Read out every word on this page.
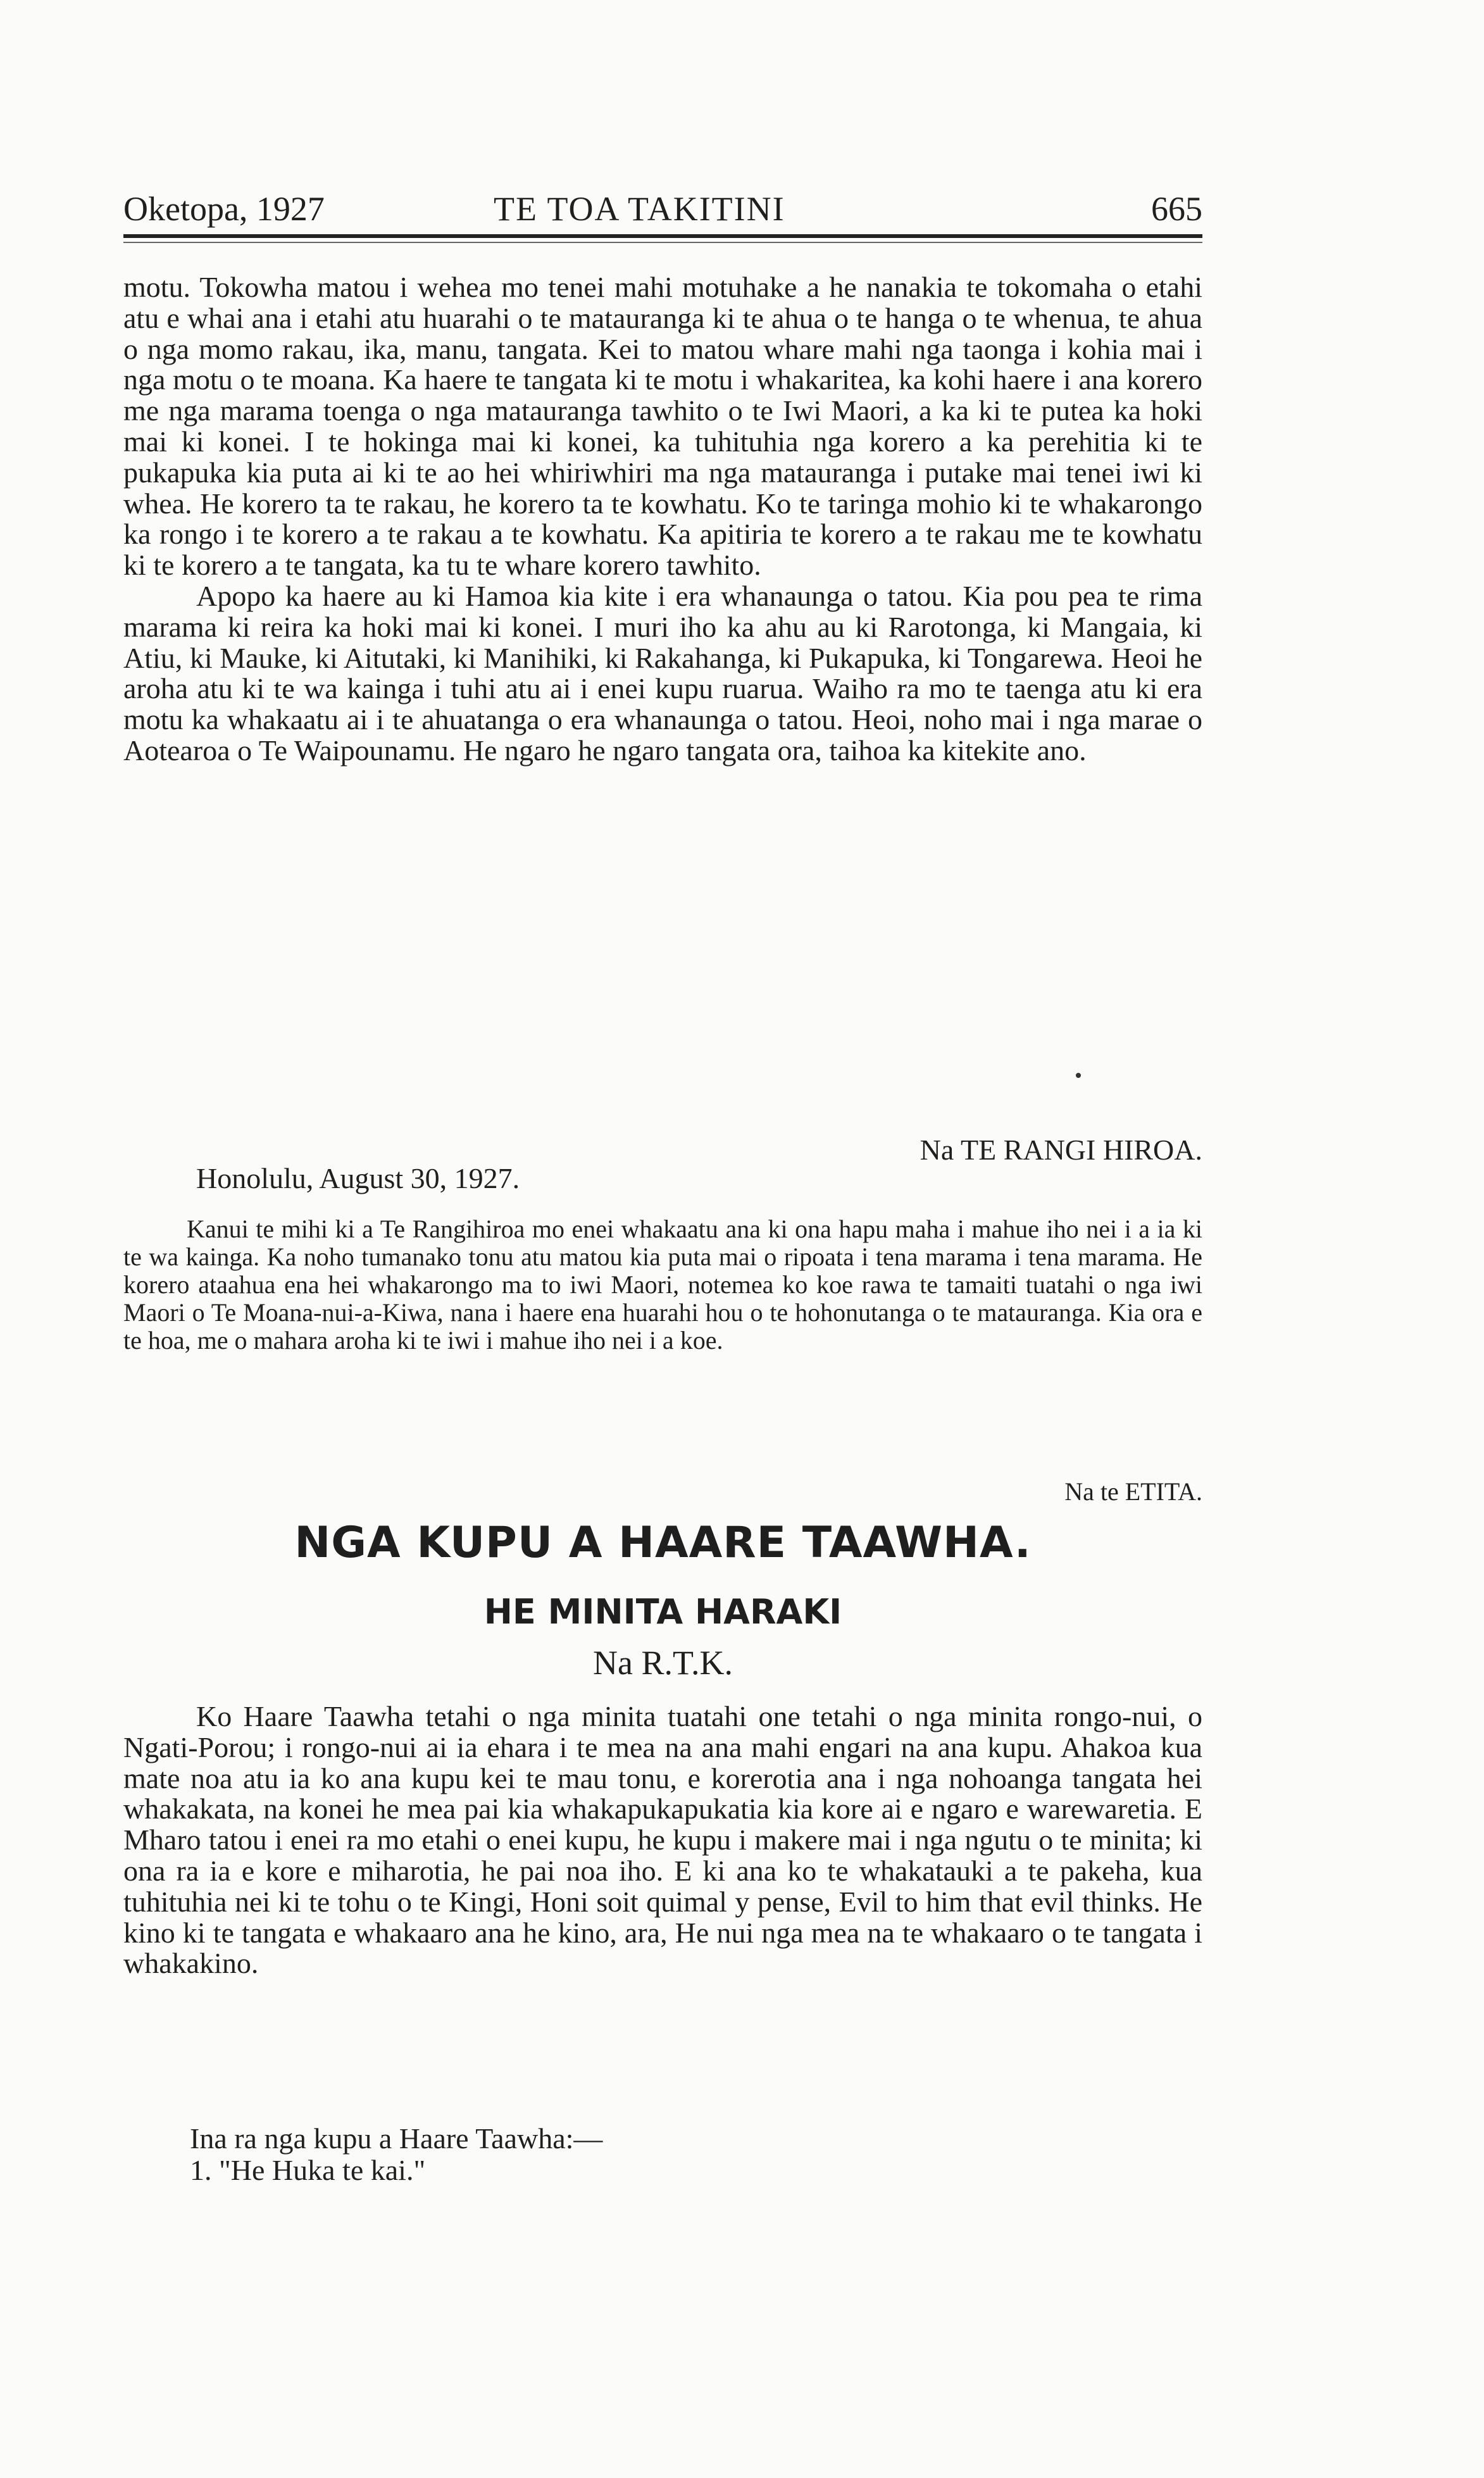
Oketopa, 1927	TE TOA TAKITINI	665

motu. Tokowha matou i wehea mo tenei mahi motuhake a he nanakia te tokomaha o etahi atu e whai ana i etahi atu huarahi o te matauranga ki te ahua o te hanga o te whenua, te ahua o nga momo rakau, ika, manu, tangata. Kei to matou whare mahi nga taonga i kohia mai i nga motu o te moana. Ka haere te tangata ki te motu i whakaritea, ka kohi haere i ana korero me nga marama toenga o nga matauranga tawhito o te Iwi Maori, a ka ki te putea ka hoki mai ki konei. I te hokinga mai ki konei, ka tuhituhia nga korero a ka perehitia ki te pukapuka kia puta ai ki te ao hei whiriwhiri ma nga matauranga i putake mai tenei iwi ki whea. He korero ta te rakau, he korero ta te kowhatu. Ko te taringa mohio ki te whakarongo ka rongo i te korero a te rakau a te kowhatu. Ka apitiria te korero a te rakau me te kowhatu ki te korero a te tangata, ka tu te whare korero tawhito.

Apopo ka haere au ki Hamoa kia kite i era whanaunga o tatou. Kia pou pea te rima marama ki reira ka hoki mai ki konei. I muri iho ka ahu au ki Rarotonga, ki Mangaia, ki Atiu, ki Mauke, ki Aitutaki, ki Manihiki, ki Rakahanga, ki Pukapuka, ki Tongarewa. Heoi he aroha atu ki te wa kainga i tuhi atu ai i enei kupu ruarua. Waiho ra mo te taenga atu ki era motu ka whakaatu ai i te ahuatanga o era whanaunga o tatou. Heoi, noho mai i nga marae o Aotearoa o Te Waipounamu. He ngaro he ngaro tangata ora, taihoa ka kitekite ano.

Na TE RANGI HIROA.
Honolulu, August 30, 1927.

Kanui te mihi ki a Te Rangihiroa mo enei whakaatu ana ki ona hapu maha i mahue iho nei i a ia ki te wa kainga. Ka noho tumanako tonu atu matou kia puta mai o ripoata i tena marama i tena marama. He korero ataahua ena hei whakarongo ma to iwi Maori, notemea ko koe rawa te tamaiti tuatahi o nga iwi Maori o Te Moana-nui-a-Kiwa, nana i haere ena huarahi hou o te hohonutanga o te matauranga. Kia ora e te hoa, me o mahara aroha ki te iwi i mahue iho nei i a koe.

Na te ETITA.
NGA KUPU A HAARE TAAWHA.
HE MINITA HARAKI
Na R.T.K.

Ko Haare Taawha tetahi o nga minita tuatahi one tetahi o nga minita rongo-nui, o Ngati-Porou; i rongo-nui ai ia ehara i te mea na ana mahi engari na ana kupu. Ahakoa kua mate noa atu ia ko ana kupu kei te mau tonu, e korerotia ana i nga nohoanga tangata hei whakakata, na konei he mea pai kia whakapukapukatia kia kore ai e ngaro e warewaretia. E Mharo tatou i enei ra mo etahi o enei kupu, he kupu i makere mai i nga ngutu o te minita; ki ona ra ia e kore e miharotia, he pai noa iho. E ki ana ko te whakatauki a te pakeha, kua tuhituhia nei ki te tohu o te Kingi, Honi soit quimal y pense, Evil to him that evil thinks. He kino ki te tangata e whakaaro ana he kino, ara, He nui nga mea na te whakaaro o te tangata i whakakino.

Ina ra nga kupu a Haare Taawha:—
1. "He Huka te kai."
